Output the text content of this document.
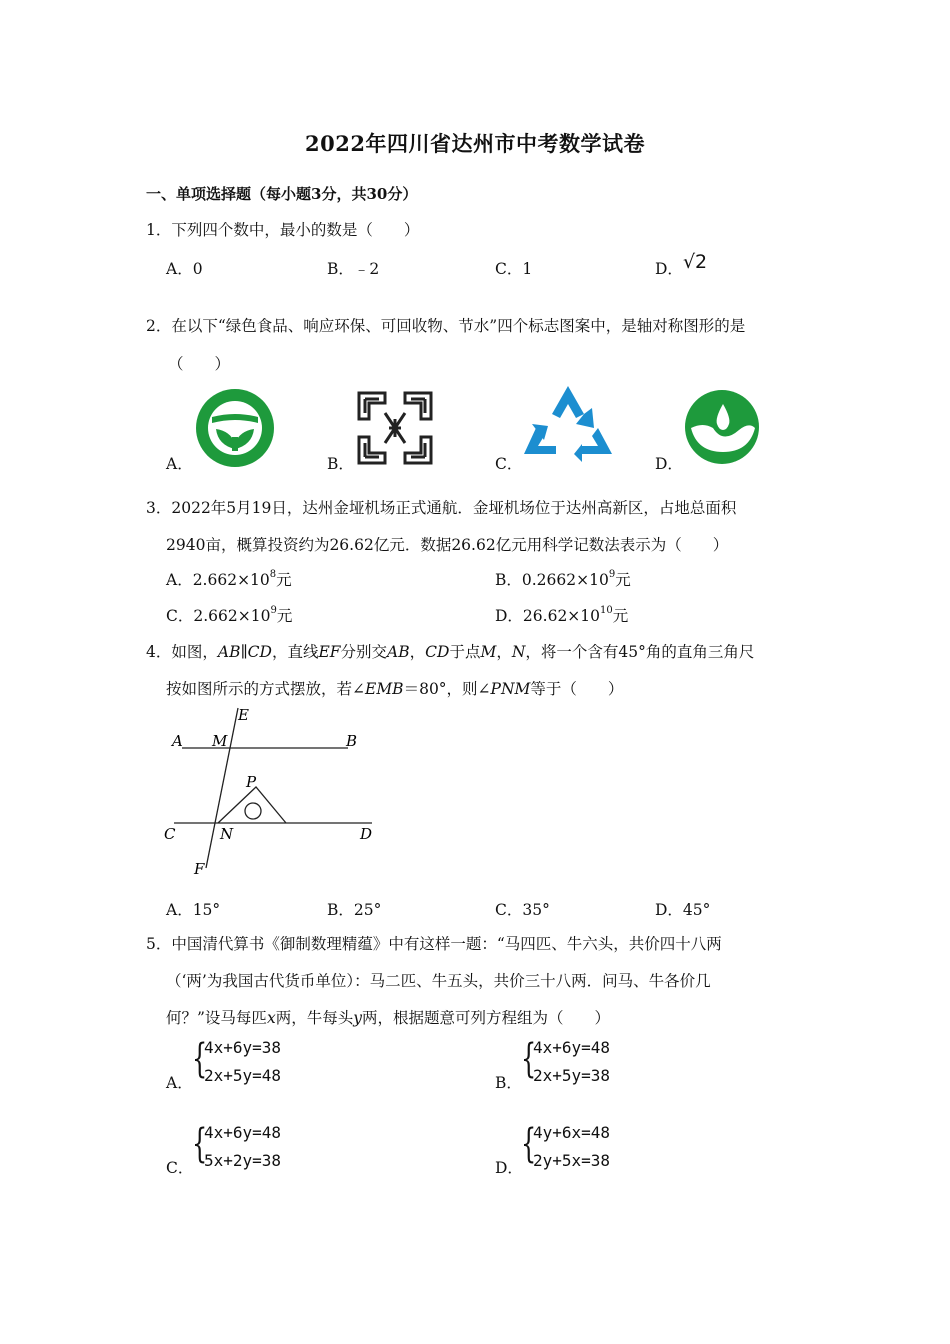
2022年四川省达州市中考数学试卷
一、单项选择题（每小题3分，共30分）
1．下列四个数中，最小的数是（　　）
A．0	B．﹣2	C．1	D．√2
2．在以下“绿色食品、响应环保、可回收物、节水”四个标志图案中，是轴对称图形的是
（　　）
A．	B．	C．	D．
3．2022年5月19日，达州金垭机场正式通航．金垭机场位于达州高新区，占地总面积
2940亩，概算投资约为26.62亿元．数据26.62亿元用科学记数法表示为（　　）
A．$2.662\times 10^8$元	B．$0.2662\times 10^9$元
C．$2.662\times 10^9$元	D．$26.62\times 10^{10}$元
4．如图，AB∥CD，直线EF分别交AB，CD于点M，N，将一个含有45°角的直角三角尺
按如图所示的方式摆放，若∠EMB＝80°，则∠PNM等于（　　）
E
A M	B
P
C	N	D
F
A．15°	B．25°	C．35°	D．45°
5．中国清代算书《御制数理精蕴》中有这样一题：“马四匹、牛六头，共价四十八两
（‘两’为我国古代货币单位）：马二匹、牛五头，共价三十八两．问马、牛各价几
何？”设马每匹x两，牛每头y两，根据题意可列方程组为（　　）
A．
{
4x+6y=38
2x+5y=48	B．
{
4x+6y=48
2x+5y=38
C．
{
4x+6y=48
5x+2y=38	D．
{
4y+6x=48
2y+5x=38
